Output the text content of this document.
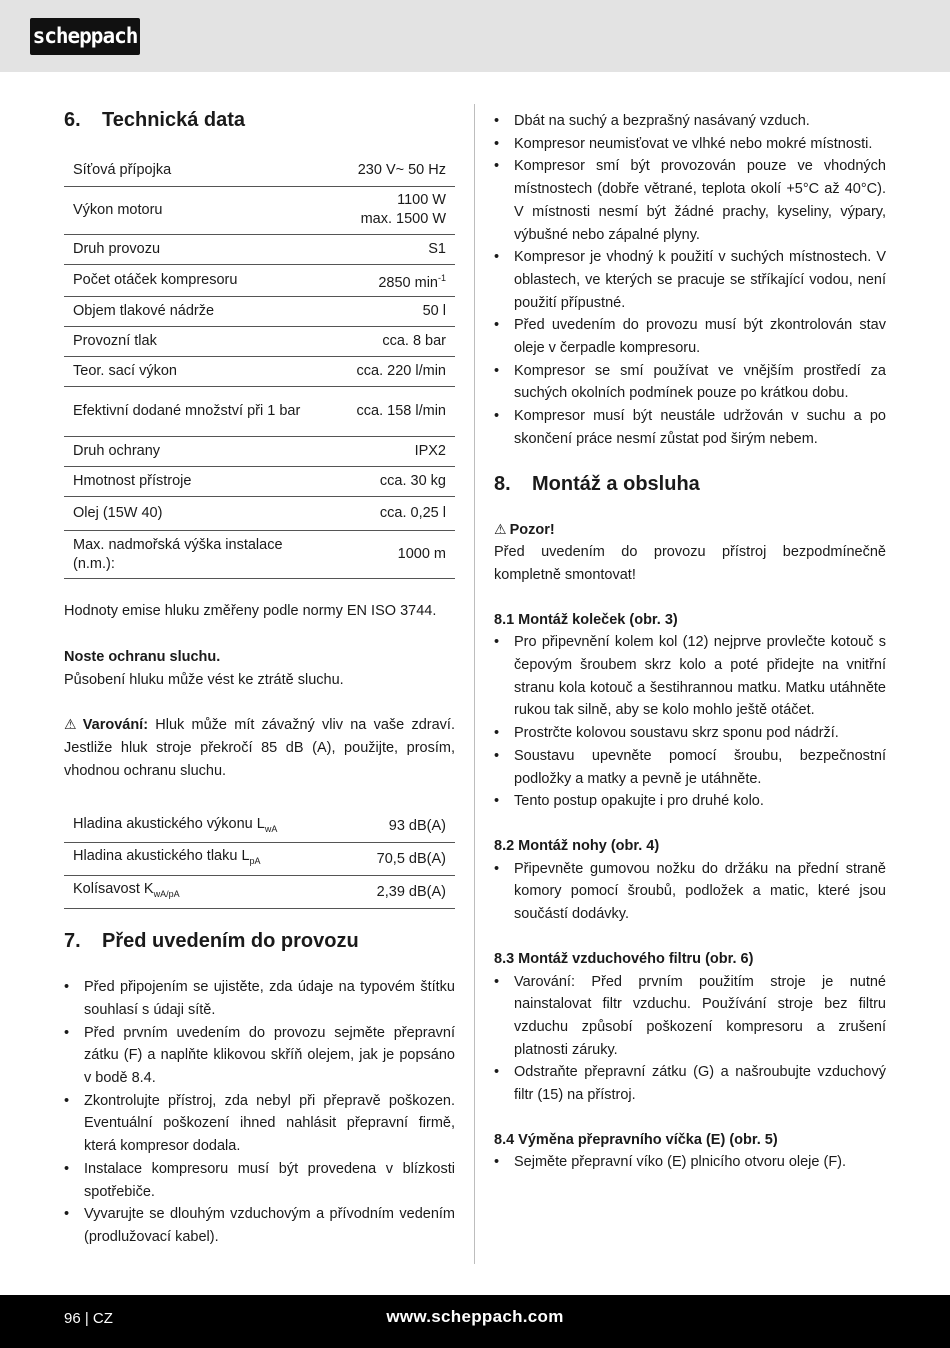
scheppach
6. Technická data
Síťová přípojka	230 V~ 50 Hz
Výkon motoru	1100 W
max. 1500 W
Druh provozu	S1
Počet otáček kompresoru	2850 $\min^{-1}$
Objem tlakové nádrže	50 l
Provozní tlak	cca. 8 bar
Teor. sací výkon	cca. 220 l/min
Efektivní dodané množství při 1 bar	cca. 158 l/min
Druh ochrany	IPX2
Hmotnost přístroje	cca. 30 kg
Olej (15W 40)	cca. 0,25 l
Max. nadmořská výška instalace (n.m.):	1000 m

Hodnoty emise hluku změřeny podle normy EN ISO 3744.

Noste ochranu sluchu.

Působení hluku může vést ke ztrátě sluchu.

⚠ Varování: Hluk může mít závažný vliv na vaše zdraví. Jestliže hluk stroje překročí 85 dB (A), použijte, prosím, vhodnou ochranu sluchu.

Hladina akustického výkonu $L_{wA}$	93 dB(A)
Hladina akustického tlaku $L_{pA}$	70,5 dB(A)
Kolísavost $K_{wA/pA}$	2,39 dB(A)
7. Před uvedením do provozu
• Před připojením se ujistěte, zda údaje na typovém štítku souhlasí s údaji sítě.
• Před prvním uvedením do provozu sejměte přepravní zátku (F) a naplňte klikovou skříň olejem, jak je popsáno v bodě 8.4.
• Zkontrolujte přístroj, zda nebyl při přepravě poškozen. Eventuální poškození ihned nahlásit přepravní firmě, která kompresor dodala.
• Instalace kompresoru musí být provedena v blízkosti spotřebiče.
• Vyvarujte se dlouhým vzduchovým a přívodním vedením (prodlužovací kabel).
• Dbát na suchý a bezprašný nasávaný vzduch.
• Kompresor neumisťovat ve vlhké nebo mokré místnosti.
• Kompresor smí být provozován pouze ve vhodných místnostech (dobře větrané, teplota okolí +5°C až 40°C). V místnosti nesmí být žádné prachy, kyseliny, výpary, výbušné nebo zápalné plyny.
• Kompresor je vhodný k použití v suchých místnostech. V oblastech, ve kterých se pracuje se stříkající vodou, není použití přípustné.
• Před uvedením do provozu musí být zkontrolován stav oleje v čerpadle kompresoru.
• Kompresor se smí používat ve vnějším prostředí za suchých okolních podmínek pouze po krátkou dobu.
• Kompresor musí být neustále udržován v suchu a po skončení práce nesmí zůstat pod širým nebem.
8. Montáž a obsluha

⚠ Pozor!

Před uvedením do provozu přístroj bezpodmínečně kompletně smontovat!

8.1 Montáž koleček (obr. 3)
• Pro připevnění kolem kol (12) nejprve provlečte kotouč s čepovým šroubem skrz kolo a poté přidejte na vnitřní stranu kola kotouč a šestihrannou matku. Matku utáhněte rukou tak silně, aby se kolo mohlo ještě otáčet.
• Prostrčte kolovou soustavu skrz sponu pod nádrží.
• Soustavu upevněte pomocí šroubu, bezpečnostní podložky a matky a pevně je utáhněte.
• Tento postup opakujte i pro druhé kolo.
8.2 Montáž nohy (obr. 4)
• Připevněte gumovou nožku do držáku na přední straně komory pomocí šroubů, podložek a matic, které jsou součástí dodávky.
8.3 Montáž vzduchového filtru (obr. 6)
• Varování: Před prvním použitím stroje je nutné nainstalovat filtr vzduchu. Používání stroje bez filtru vzduchu způsobí poškození kompresoru a zrušení platnosti záruky.
• Odstraňte přepravní zátku (G) a našroubujte vzduchový filtr (15) na přístroj.
8.4 Výměna přepravního víčka (E) (obr. 5)
• Sejměte přepravní víko (E) plnicího otvoru oleje (F).
96 | CZ	www.scheppach.com
